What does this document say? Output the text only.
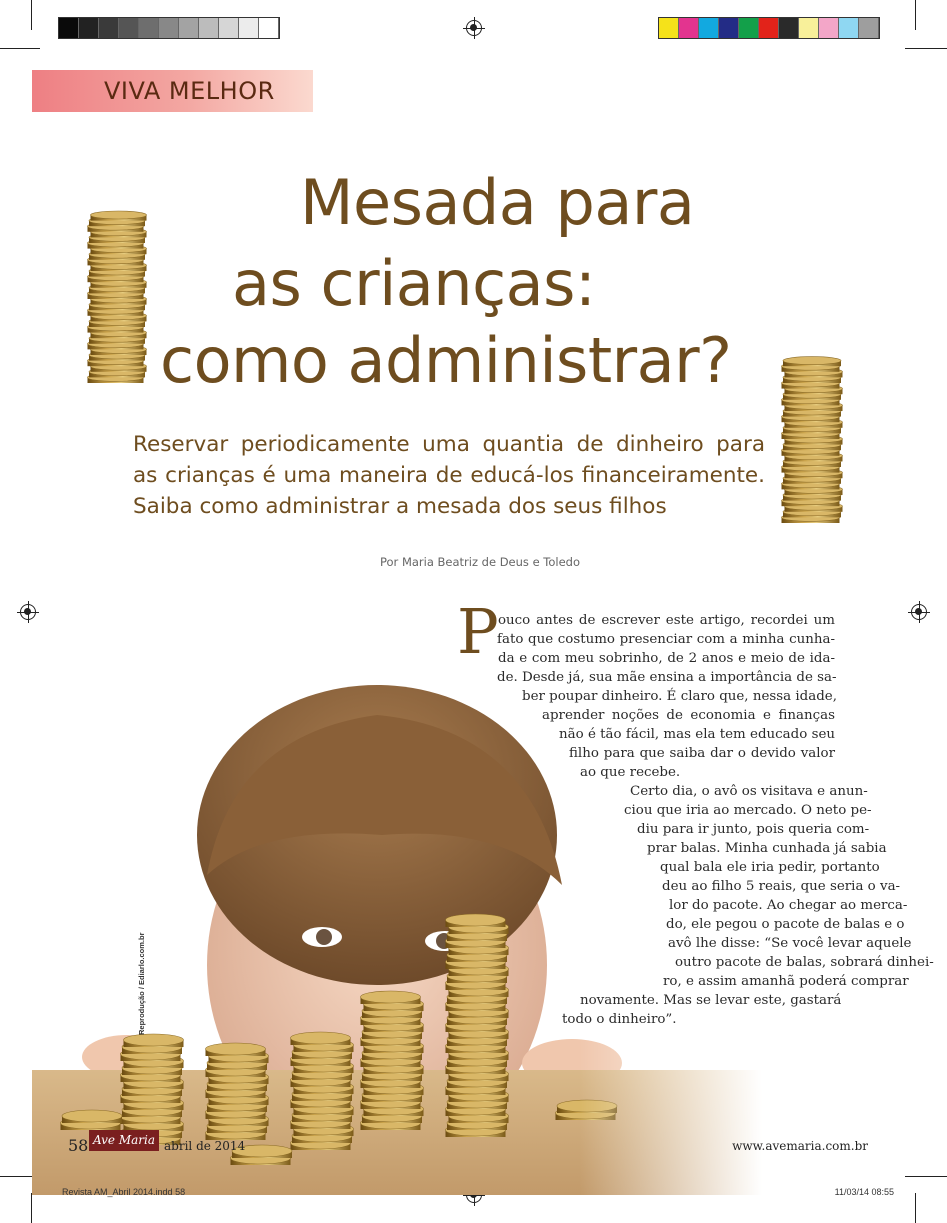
VIVA MELHOR
Mesada para
as crianças:
como administrar?
Reservar periodicamente uma quantia de dinheiro para
as crianças é uma maneira de educá-los financeiramente.
Saiba como administrar a mesada dos seus filhos
Por Maria Beatriz de Deus e Toledo
Reprodução / Ediarlo.com.br
P ouco antes de escrever este artigo, recordei um
fato que costumo presenciar com a minha cunha-
da e com meu sobrinho, de 2 anos e meio de ida-
de. Desde já, sua mãe ensina a importância de sa-
ber poupar dinheiro. É claro que, nessa idade,
aprender noções de economia e finanças
não é tão fácil, mas ela tem educado seu
filho para que saiba dar o devido valor
ao que recebe.
Certo dia, o avô os visitava e anun-
ciou que iria ao mercado. O neto pe-
diu para ir junto, pois queria com-
prar balas. Minha cunhada já sabia
qual bala ele iria pedir, portanto
deu ao filho 5 reais, que seria o va-
lor do pacote. Ao chegar ao merca-
do, ele pegou o pacote de balas e o
avô lhe disse: “Se você levar aquele
outro pacote de balas, sobrará dinhei-
ro, e assim amanhã poderá comprar
novamente. Mas se levar este, gastará
todo o dinheiro”.
58 Ave Maria abril de 2014	www.avemaria.com.br
Revista AM_Abril 2014.indd 58	11/03/14 08:55
